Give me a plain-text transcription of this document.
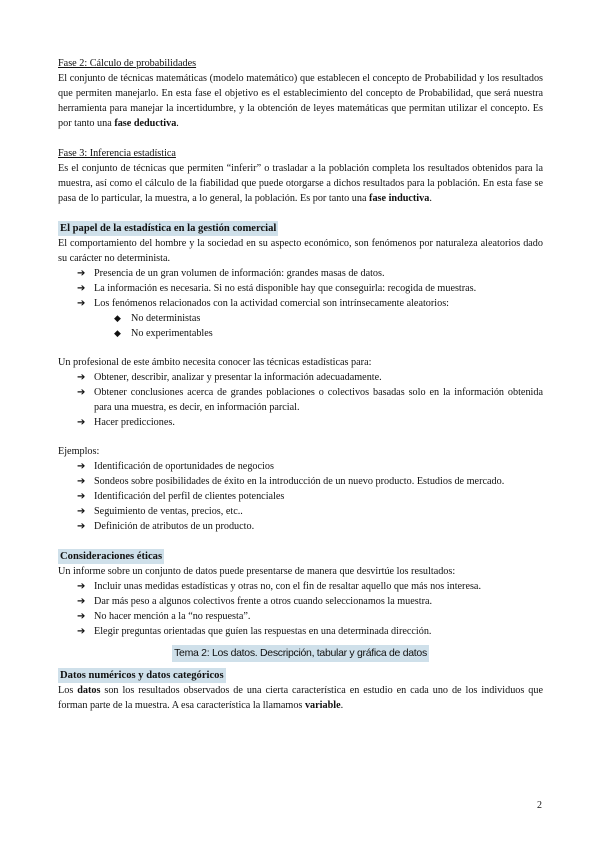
Fase 2: Cálculo de probabilidades

El conjunto de técnicas matemáticas (modelo matemático) que establecen el concepto de Probabilidad y los resultados que permiten manejarlo. En esta fase el objetivo es el establecimiento del concepto de Probabilidad, que será nuestra herramienta para manejar la incertidumbre, y la obtención de leyes matemáticas que permitan utilizar el concepto. Es por tanto una fase deductiva.

Fase 3: Inferencia estadística

Es el conjunto de técnicas que permiten “inferir” o trasladar a la población completa los resultados obtenidos para la muestra, así como el cálculo de la fiabilidad que puede otorgarse a dichos resultados para la población. En esta fase se pasa de lo particular, la muestra, a lo general, la población. Es por tanto una fase inductiva.

El papel de la estadística en la gestión comercial

El comportamiento del hombre y la sociedad en su aspecto económico, son fenómenos por naturaleza aleatorios dado su carácter no determinista.

➔ Presencia de un gran volumen de información: grandes masas de datos.
➔ La información es necesaria. Si no está disponible hay que conseguirla: recogida de muestras.
➔ Los fenómenos relacionados con la actividad comercial son intrínsecamente aleatorios:
◆ No deterministas
◆ No experimentables

Un profesional de este ámbito necesita conocer las técnicas estadísticas para:

➔ Obtener, describir, analizar y presentar la información adecuadamente.
➔ Obtener conclusiones acerca de grandes poblaciones o colectivos basadas solo en la información obtenida para una muestra, es decir, en información parcial.
➔ Hacer predicciones.

Ejemplos:

➔ Identificación de oportunidades de negocios
➔ Sondeos sobre posibilidades de éxito en la introducción de un nuevo producto. Estudios de mercado.
➔ Identificación del perfil de clientes potenciales
➔ Seguimiento de ventas, precios, etc..
➔ Definición de atributos de un producto.
Consideraciones éticas

Un informe sobre un conjunto de datos puede presentarse de manera que desvirtúe los resultados:

➔ Incluir unas medidas estadísticas y otras no, con el fin de resaltar aquello que más nos interesa.
➔ Dar más peso a algunos colectivos frente a otros cuando seleccionamos la muestra.
➔ No hacer mención a la “no respuesta”.
➔ Elegir preguntas orientadas que guíen las respuestas en una determinada dirección.
Tema 2: Los datos. Descripción, tabular y gráfica de datos
Datos numéricos y datos categóricos

Los datos son los resultados observados de una cierta característica en estudio en cada uno de los individuos que forman parte de la muestra. A esa característica la llamamos variable.

2
